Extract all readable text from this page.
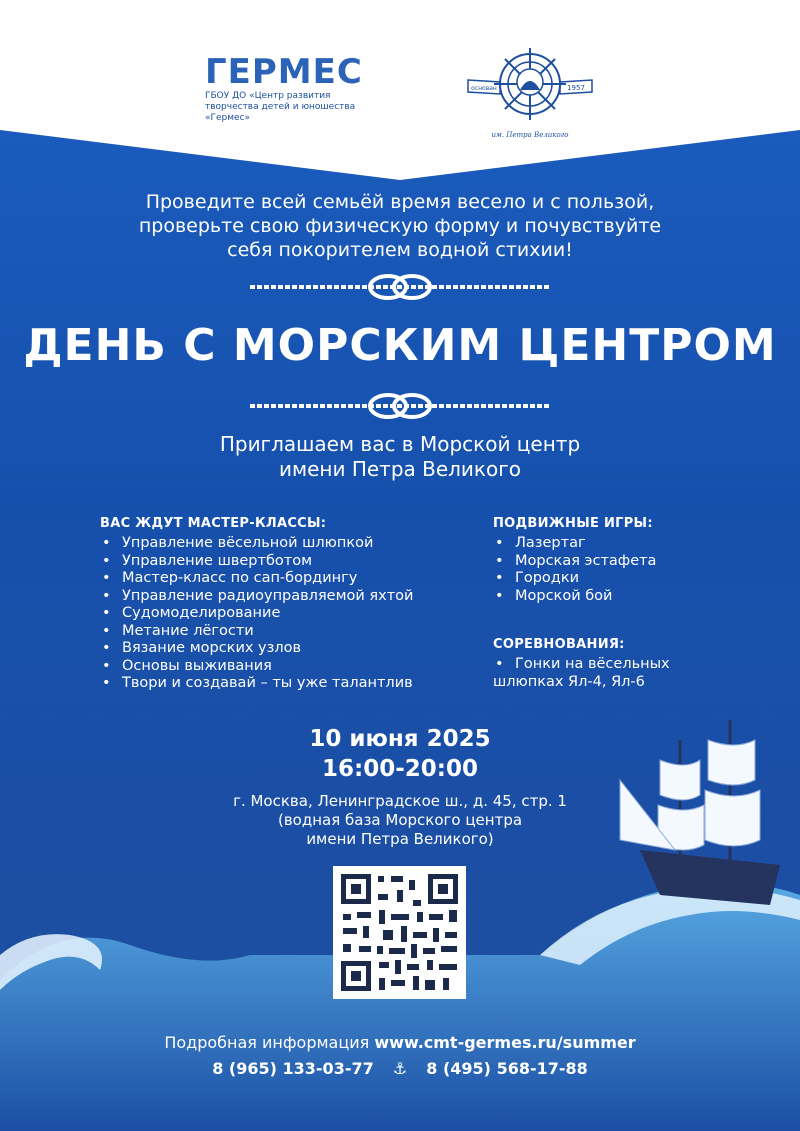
ГЕРМЕС
ГБОУ ДО «Центр развития творчества детей и юношества «Гермес»
основан	1957
им. Петра Великого
Проведите всей семьёй время весело и с пользой,
проверьте свою физическую форму и почувствуйте
себя покорителем водной стихии!
ДЕНЬ С МОРСКИМ ЦЕНТРОМ
Приглашаем вас в Морской центр
имени Петра Великого
ВАС ЖДУТ МАСТЕР-КЛАССЫ:
• Управление вёсельной шлюпкой
• Управление швертботом
• Мастер-класс по сап-бордингу
• Управление радиоуправляемой яхтой
• Судомоделирование
• Метание лёгости
• Вязание морских узлов
• Основы выживания
• Твори и создавай – ты уже талантлив
ПОДВИЖНЫЕ ИГРЫ:
• Лазертаг
• Морская эстафета
• Городки
• Морской бой
СОРЕВНОВАНИЯ:
• Гонки на вёсельных

шлюпках Ял-4, Ял-6

10 июня 2025
16:00-20:00
г. Москва, Ленинградское ш., д. 45, стр. 1
(водная база Морского центра
имени Петра Великого)
Подробная информация www.cmt-germes.ru/summer
8 (965) 133-03-77 ⚓ 8 (495) 568-17-88
